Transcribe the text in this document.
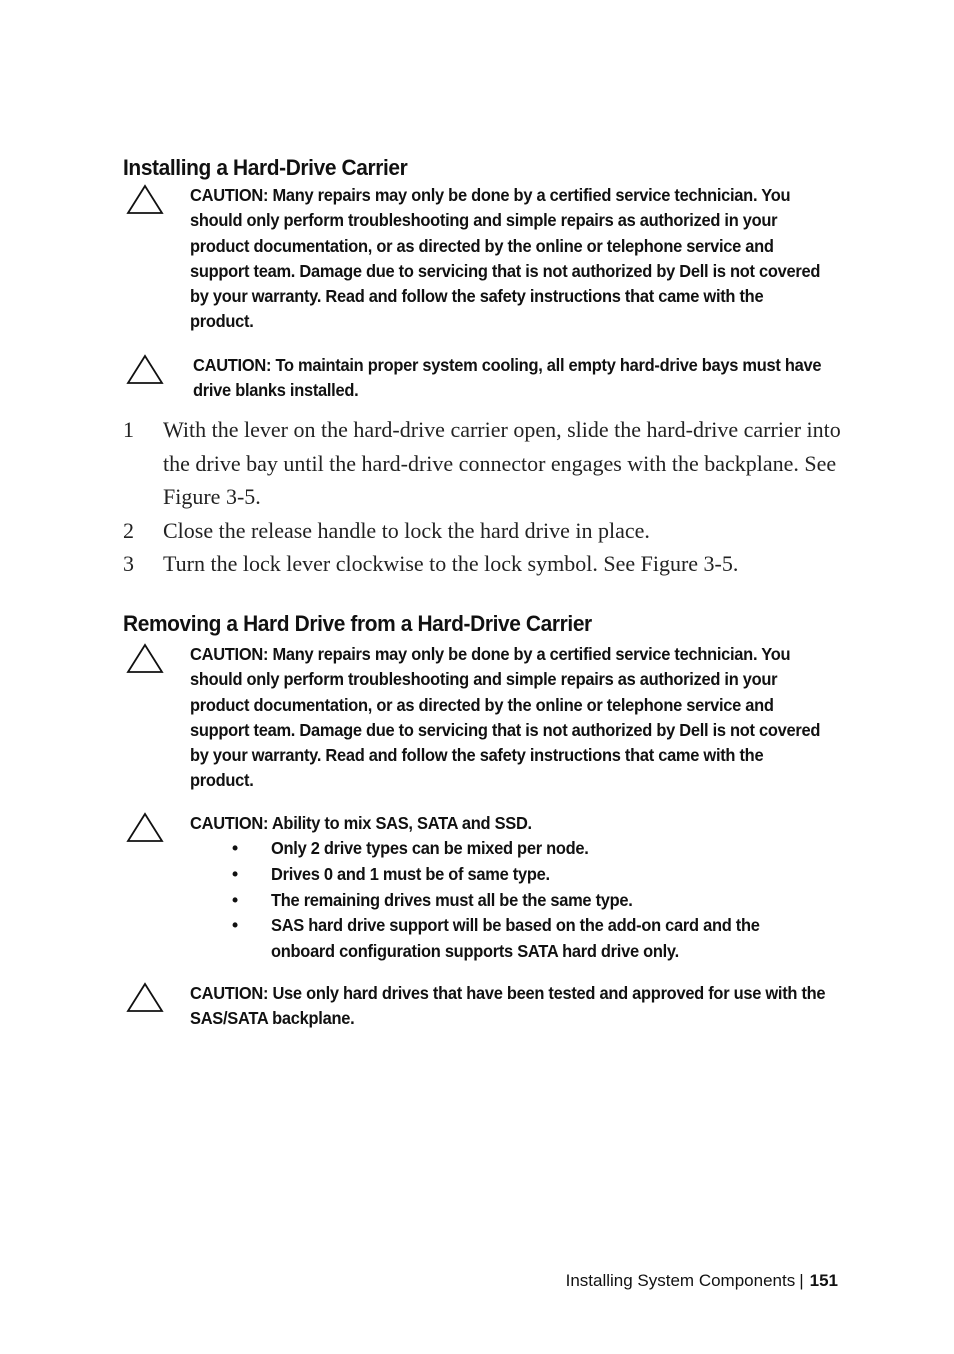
Installing a Hard-Drive Carrier
CAUTION: Many repairs may only be done by a certified service technician. You should only perform troubleshooting and simple repairs as authorized in your product documentation, or as directed by the online or telephone service and support team. Damage due to servicing that is not authorized by Dell is not covered by your warranty. Read and follow the safety instructions that came with the product.
CAUTION: To maintain proper system cooling, all empty hard-drive bays must have drive blanks installed.
1 With the lever on the hard-drive carrier open, slide the hard-drive carrier into the drive bay until the hard-drive connector engages with the backplane. See Figure 3-5.
2 Close the release handle to lock the hard drive in place.
3 Turn the lock lever clockwise to the lock symbol. See Figure 3-5.
Removing a Hard Drive from a Hard-Drive Carrier
CAUTION: Many repairs may only be done by a certified service technician. You should only perform troubleshooting and simple repairs as authorized in your product documentation, or as directed by the online or telephone service and support team. Damage due to servicing that is not authorized by Dell is not covered by your warranty. Read and follow the safety instructions that came with the product.
CAUTION: Ability to mix SAS, SATA and SSD.
• Only 2 drive types can be mixed per node.
• Drives 0 and 1 must be of same type.
• The remaining drives must all be the same type.
• SAS hard drive support will be based on the add-on card and the onboard configuration supports SATA hard drive only.
CAUTION: Use only hard drives that have been tested and approved for use with the SAS/SATA backplane.
Installing System Components | 151
